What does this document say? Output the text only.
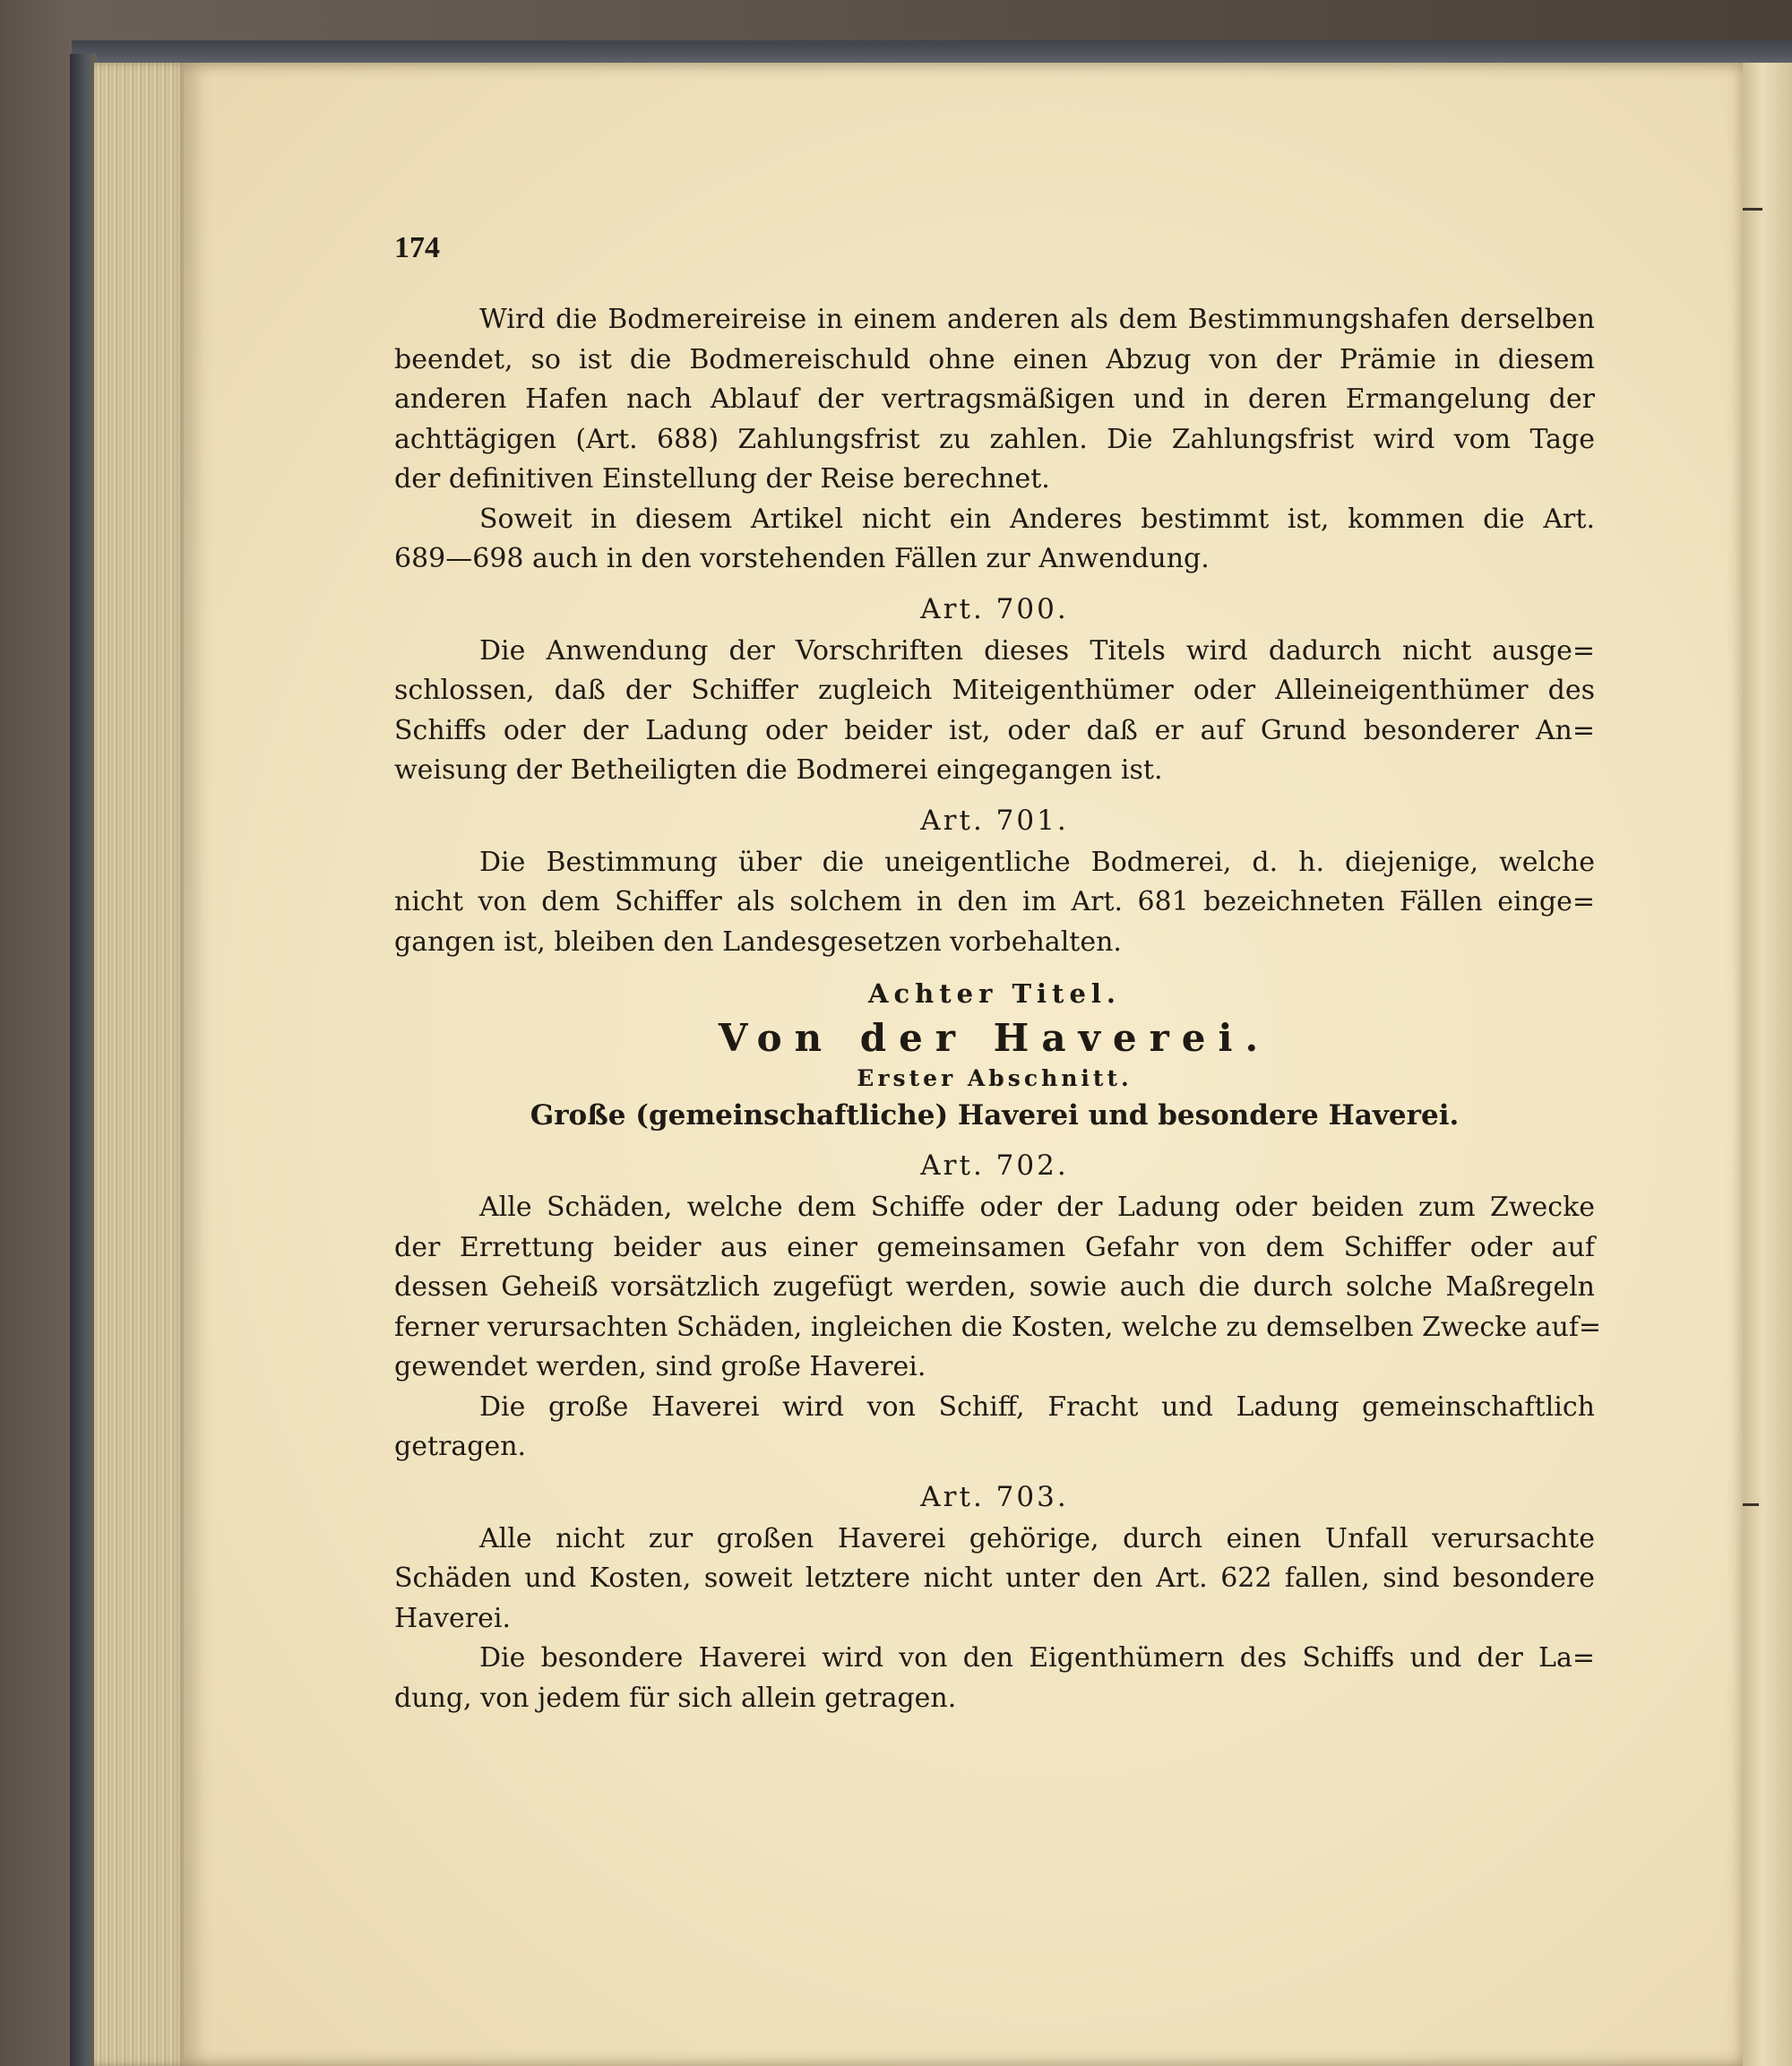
174
Wird die Bodmereireise in einem anderen als dem Bestimmungshafen derselben
beendet, so ist die Bodmereischuld ohne einen Abzug von der Prämie in diesem
anderen Hafen nach Ablauf der vertragsmäßigen und in deren Ermangelung der
achttägigen (Art. 688) Zahlungsfrist zu zahlen. Die Zahlungsfrist wird vom Tage
der definitiven Einstellung der Reise berechnet.
Soweit in diesem Artikel nicht ein Anderes bestimmt ist, kommen die Art.
689—698 auch in den vorstehenden Fällen zur Anwendung.
Art. 700.
Die Anwendung der Vorschriften dieses Titels wird dadurch nicht ausge=
schlossen, daß der Schiffer zugleich Miteigenthümer oder Alleineigenthümer des
Schiffs oder der Ladung oder beider ist, oder daß er auf Grund besonderer An=
weisung der Betheiligten die Bodmerei eingegangen ist.
Art. 701.
Die Bestimmung über die uneigentliche Bodmerei, d. h. diejenige, welche
nicht von dem Schiffer als solchem in den im Art. 681 bezeichneten Fällen einge=
gangen ist, bleiben den Landesgesetzen vorbehalten.
Achter Titel.
Von der Haverei.
Erster Abschnitt.
Große (gemeinschaftliche) Haverei und besondere Haverei.
Art. 702.
Alle Schäden, welche dem Schiffe oder der Ladung oder beiden zum Zwecke
der Errettung beider aus einer gemeinsamen Gefahr von dem Schiffer oder auf
dessen Geheiß vorsätzlich zugefügt werden, sowie auch die durch solche Maßregeln
ferner verursachten Schäden, ingleichen die Kosten, welche zu demselben Zwecke auf=
gewendet werden, sind große Haverei.
Die große Haverei wird von Schiff, Fracht und Ladung gemeinschaftlich
getragen.
Art. 703.
Alle nicht zur großen Haverei gehörige, durch einen Unfall verursachte
Schäden und Kosten, soweit letztere nicht unter den Art. 622 fallen, sind besondere
Haverei.
Die besondere Haverei wird von den Eigenthümern des Schiffs und der La=
dung, von jedem für sich allein getragen.
